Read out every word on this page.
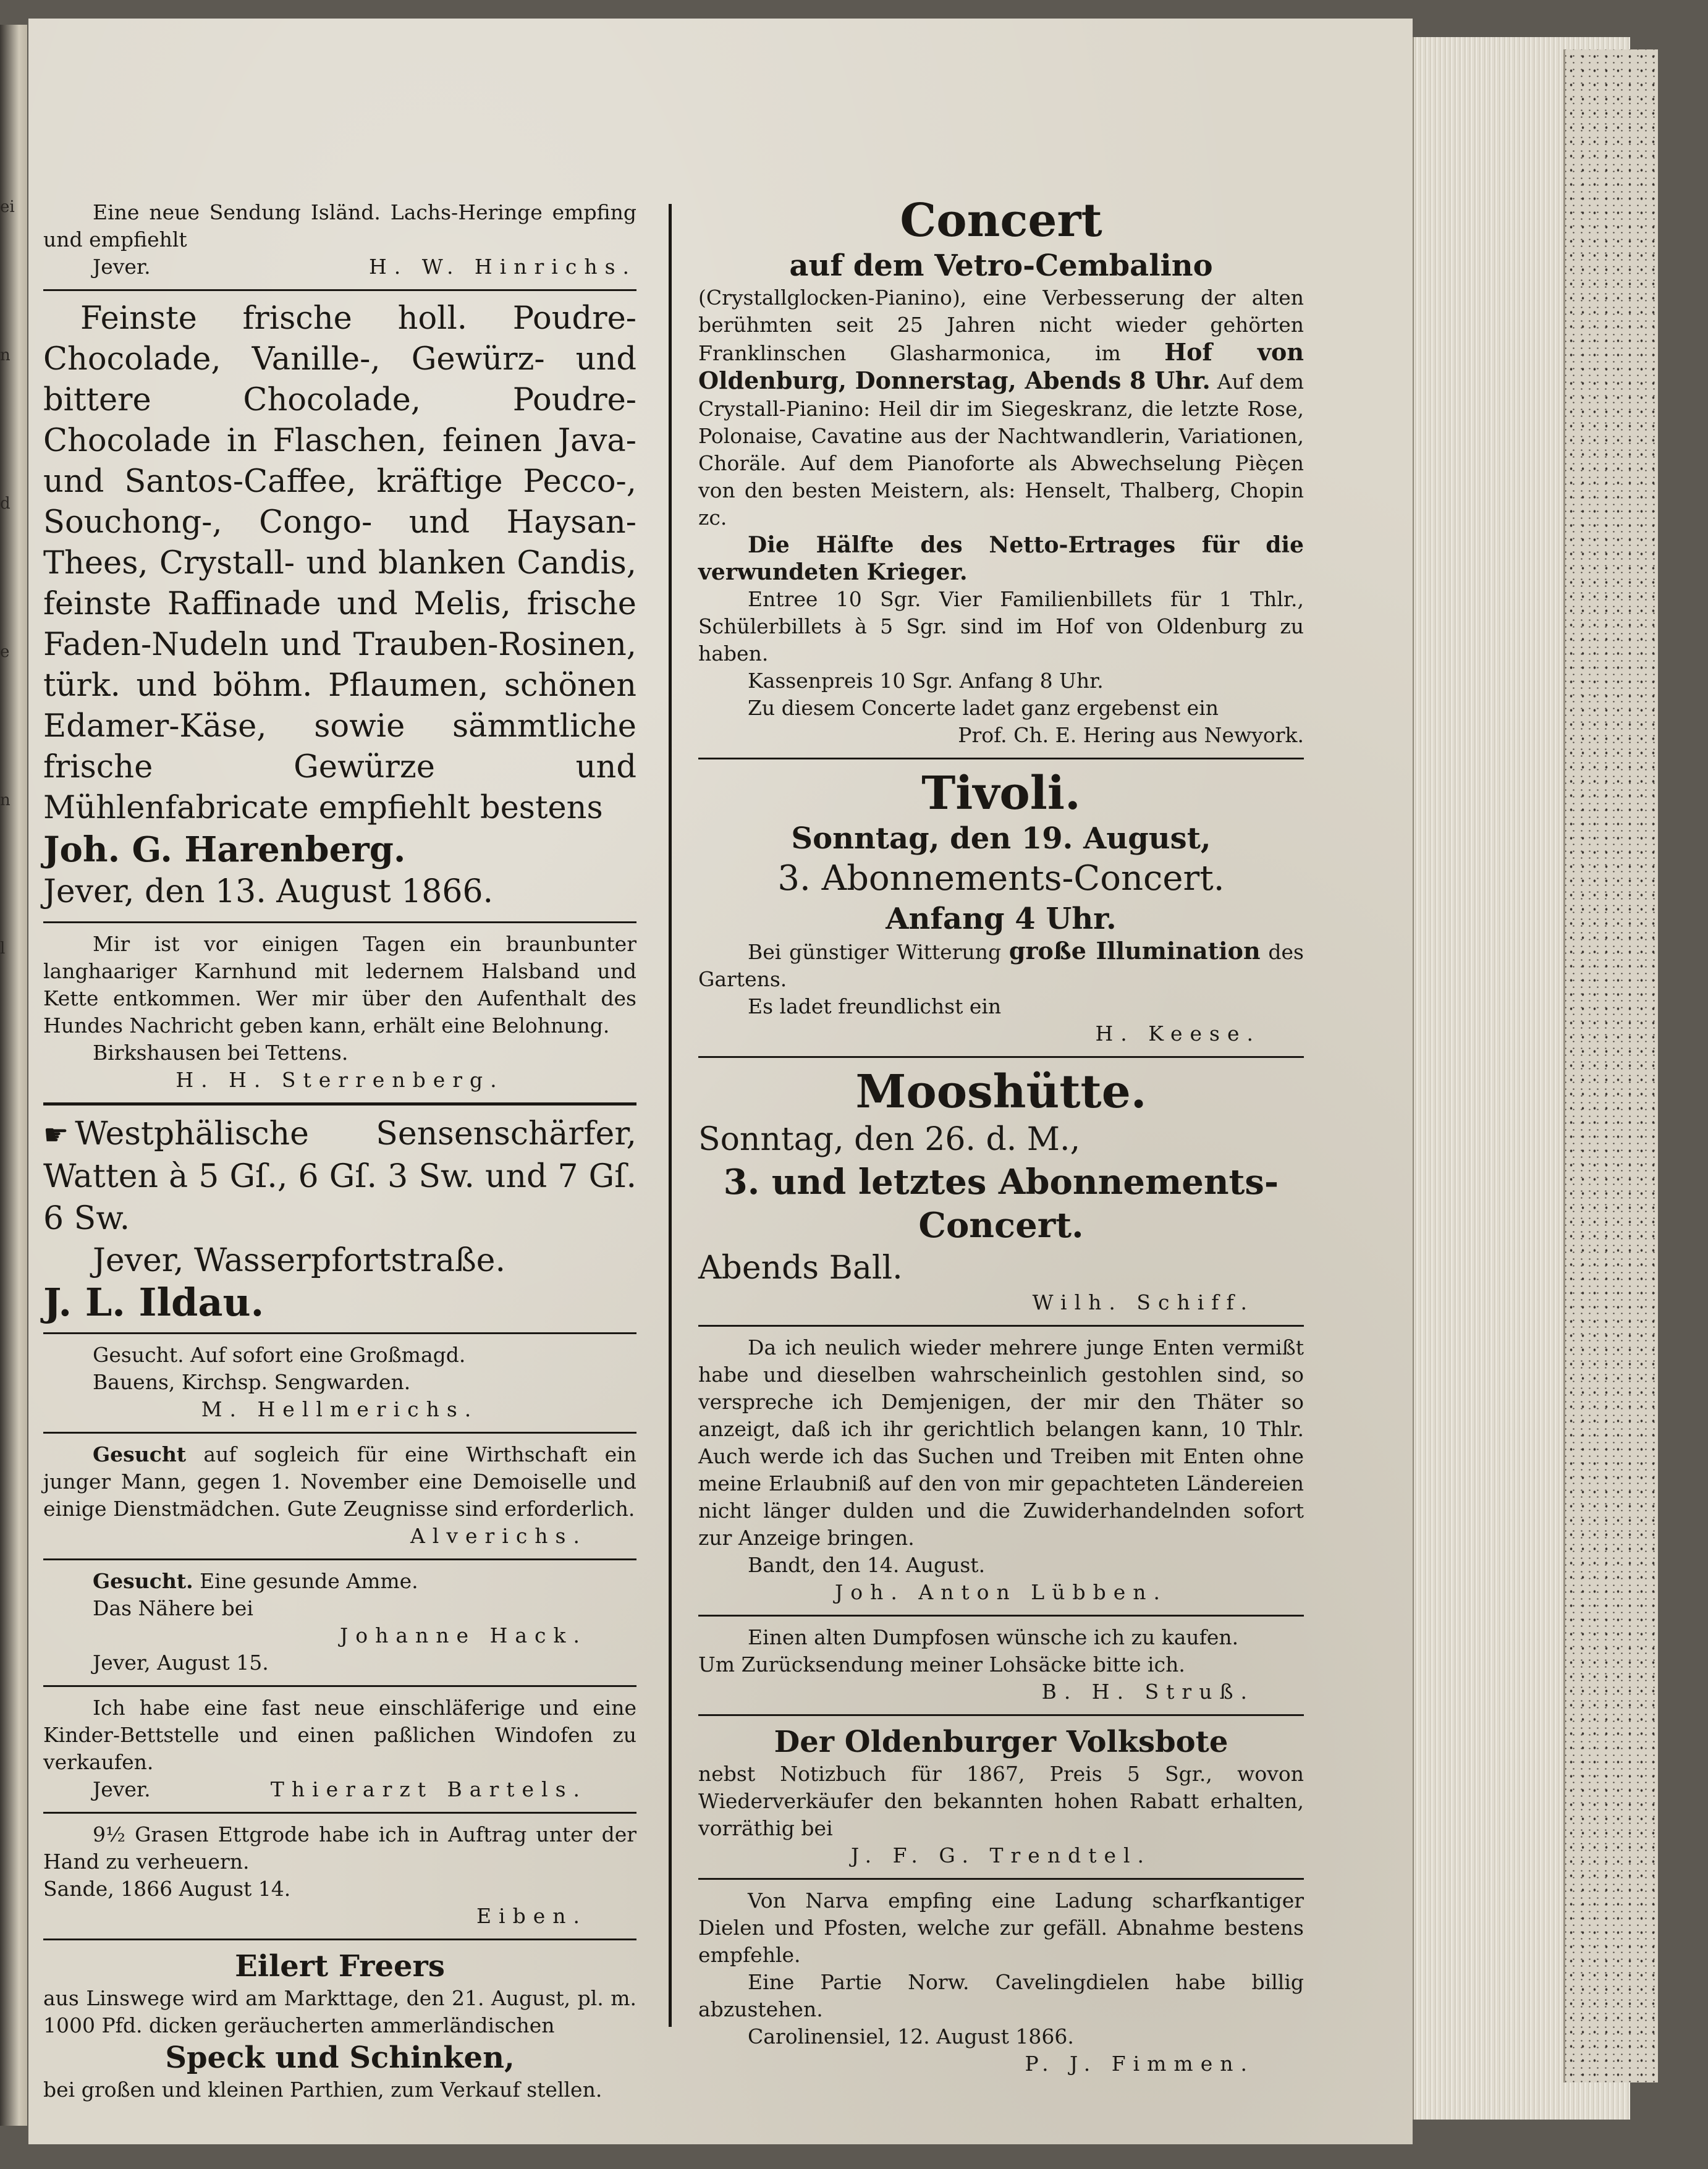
ei
n
d
e
n
l

Eine neue Sendung Isländ. Lachs-Heringe empfing und empfiehlt

Jever.	H. W. Hinrichs.

Feinste frische holl. Poudre-Chocolade, Vanille-, Gewürz- und bittere Chocolade, Poudre-Chocolade in Flaschen, feinen Java- und Santos-Caffee, kräftige Pecco-, Souchong-, Congo- und Haysan-Thees, Crystall- und blanken Candis, feinste Raffinade und Melis, frische Faden-Nudeln und Trauben-Rosinen, türk. und böhm. Pflaumen, schönen Edamer-Käse, sowie sämmtliche frische Gewürze und Mühlenfabricate empfiehlt bestens

Joh. G. Harenberg.

Jever, den 13. August 1866.

Mir ist vor einigen Tagen ein braunbunter langhaariger Karnhund mit ledernem Halsband und Kette entkommen. Wer mir über den Aufenthalt des Hundes Nachricht geben kann, erhält eine Belohnung.

Birkshausen bei Tettens.

H. H. Sterrenberg.

☛ Westphälische Sensenschärfer, Watten à 5 Gſ., 6 Gſ. 3 Sw. und 7 Gſ. 6 Sw.

Jever, Wasserpfortstraße.

J. L. Ildau.

Gesucht. Auf sofort eine Großmagd.

Bauens, Kirchsp. Sengwarden.

M. Hellmerichs.

Gesucht auf sogleich für eine Wirthschaft ein junger Mann, gegen 1. November eine Demoiselle und einige Dienstmädchen. Gute Zeugnisse sind erforderlich.

Alverichs.

Gesucht. Eine gesunde Amme.

Das Nähere bei

Johanne Hack.

Jever, August 15.

Ich habe eine fast neue einschläferige und eine Kinder-Bettstelle und einen paßlichen Windofen zu verkaufen.

Jever.	Thierarzt Bartels.

9½ Grasen Ettgrode habe ich in Auftrag unter der Hand zu verheuern.

Sande, 1866 August 14.

Eiben.

Eilert Freers

aus Linswege wird am Markttage, den 21. August, pl. m. 1000 Pfd. dicken geräucherten ammerländischen

Speck und Schinken,

bei großen und kleinen Parthien, zum Verkauf stellen.

Concert

auf dem Vetro-Cembalino

(Crystallglocken-Pianino), eine Verbesserung der alten berühmten seit 25 Jahren nicht wieder gehörten Franklinschen Glasharmonica, im Hof von Oldenburg, Donnerstag, Abends 8 Uhr. Auf dem Crystall-Pianino: Heil dir im Siegeskranz, die letzte Rose, Polonaise, Cavatine aus der Nachtwandlerin, Variationen, Choräle. Auf dem Pianoforte als Abwechselung Pièçen von den besten Meistern, als: Henselt, Thalberg, Chopin zc.

Die Hälfte des Netto-Ertrages für die verwundeten Krieger.

Entree 10 Sgr. Vier Familienbillets für 1 Thlr., Schülerbillets à 5 Sgr. sind im Hof von Oldenburg zu haben.

Kassenpreis 10 Sgr. Anfang 8 Uhr.

Zu diesem Concerte ladet ganz ergebenst ein

Prof. Ch. E. Hering aus Newyork.

Tivoli.

Sonntag, den 19. August,

3. Abonnements-Concert.

Anfang 4 Uhr.

Bei günstiger Witterung große Illumination des Gartens.

Es ladet freundlichst ein

H. Keese.

Mooshütte.

Sonntag, den 26. d. M.,

3. und letztes Abonnements-Concert.

Abends Ball.

Wilh. Schiff.

Da ich neulich wieder mehrere junge Enten vermißt habe und dieselben wahrscheinlich gestohlen sind, so verspreche ich Demjenigen, der mir den Thäter so anzeigt, daß ich ihr gerichtlich belangen kann, 10 Thlr. Auch werde ich das Suchen und Treiben mit Enten ohne meine Erlaubniß auf den von mir gepachteten Ländereien nicht länger dulden und die Zuwiderhandelnden sofort zur Anzeige bringen.

Bandt, den 14. August.

Joh. Anton Lübben.

Einen alten Dumpfosen wünsche ich zu kaufen.

Um Zurücksendung meiner Lohsäcke bitte ich.

B. H. Struß.

Der Oldenburger Volksbote

nebst Notizbuch für 1867, Preis 5 Sgr., wovon Wiederverkäufer den bekannten hohen Rabatt erhalten, vorräthig bei

J. F. G. Trendtel.

Von Narva empfing eine Ladung scharfkantiger Dielen und Pfosten, welche zur gefäll. Abnahme bestens empfehle.

Eine Partie Norw. Cavelingdielen habe billig abzustehen.

Carolinensiel, 12. August 1866.

P. J. Fimmen.
